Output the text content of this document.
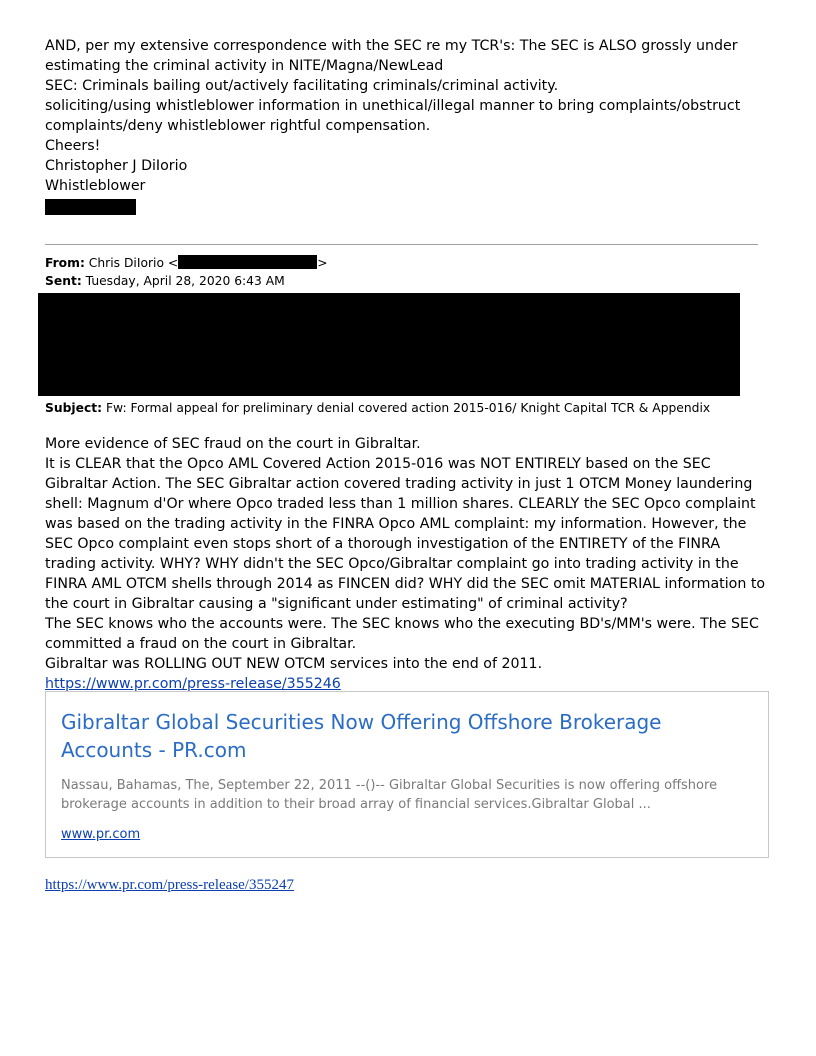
AND, per my extensive correspondence with the SEC re my TCR's: The SEC is ALSO grossly under estimating the criminal activity in NITE/Magna/NewLead

SEC: Criminals bailing out/actively facilitating criminals/criminal activity.

soliciting/using whistleblower information in unethical/illegal manner to bring complaints/obstruct complaints/deny whistleblower rightful compensation.

Cheers!

Christopher J DiIorio

Whistleblower

From: Chris DiIorio <	>
Sent: Tuesday, April 28, 2020 6:43 AM
Subject: Fw: Formal appeal for preliminary denial covered action 2015-016/ Knight Capital TCR & Appendix

More evidence of SEC fraud on the court in Gibraltar.

It is CLEAR that the Opco AML Covered Action 2015-016 was NOT ENTIRELY based on the SEC Gibraltar Action. The SEC Gibraltar action covered trading activity in just 1 OTCM Money laundering shell: Magnum d'Or where Opco traded less than 1 million shares. CLEARLY the SEC Opco complaint was based on the trading activity in the FINRA Opco AML complaint: my information. However, the SEC Opco complaint even stops short of a thorough investigation of the ENTIRETY of the FINRA trading activity. WHY? WHY didn't the SEC Opco/Gibraltar complaint go into trading activity in the FINRA AML OTCM shells through 2014 as FINCEN did? WHY did the SEC omit MATERIAL information to the court in Gibraltar causing a "significant under estimating" of criminal activity?

The SEC knows who the accounts were. The SEC knows who the executing BD's/MM's were. The SEC committed a fraud on the court in Gibraltar.

Gibraltar was ROLLING OUT NEW OTCM services into the end of 2011.

https://www.pr.com/press-release/355246

Gibraltar Global Securities Now Offering Offshore Brokerage Accounts - PR.com

Nassau, Bahamas, The, September 22, 2011 --()-- Gibraltar Global Securities is now offering offshore brokerage accounts in addition to their broad array of financial services.Gibraltar Global ...

www.pr.com
https://www.pr.com/press-release/355247
